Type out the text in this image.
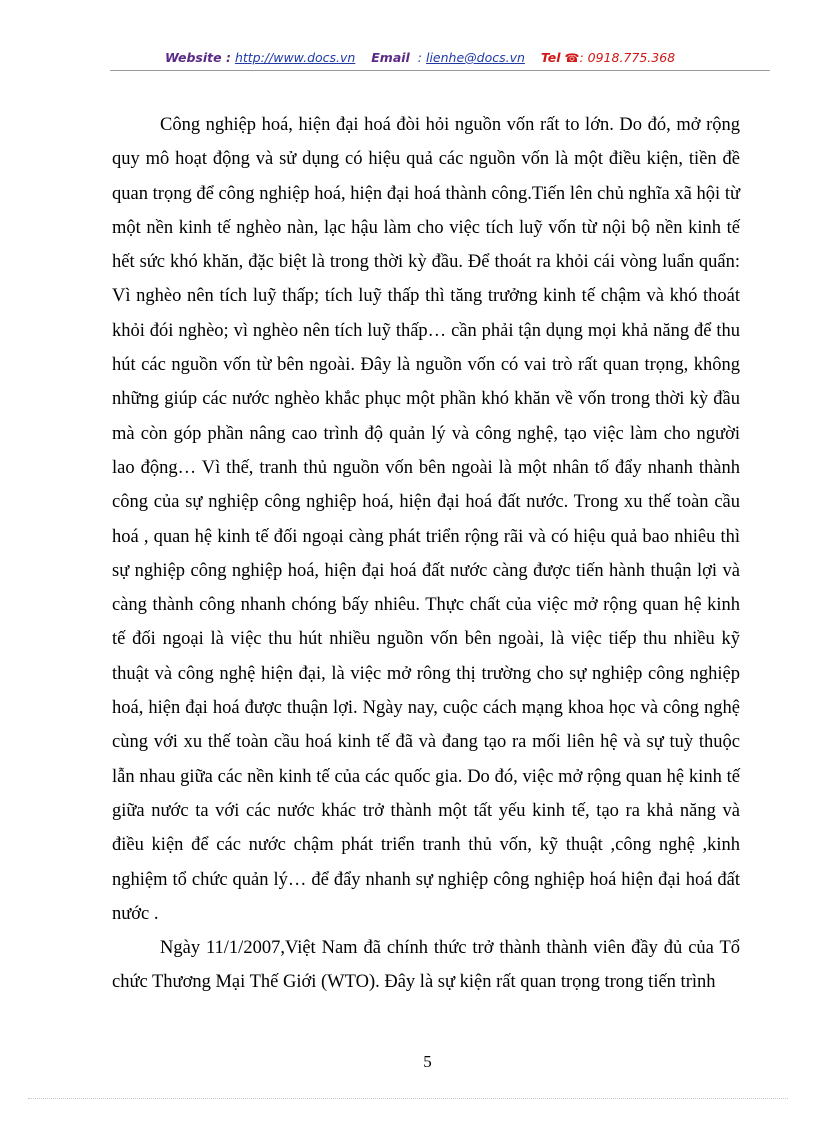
Website : http://www.docs.vn Email : lienhe@docs.vn Tel ☎: 0918.775.368

Công nghiệp hoá, hiện đại hoá đòi hỏi nguồn vốn rất to lớn. Do đó, mở rộng quy mô hoạt động và sử dụng có hiệu quả các nguồn vốn là một điều kiện, tiền đề quan trọng để công nghiệp hoá, hiện đại hoá thành công.Tiến lên chủ nghĩa xã hội từ một nền kinh tế nghèo nàn, lạc hậu làm cho việc tích luỹ vốn từ nội bộ nền kinh tế hết sức khó khăn, đặc biệt là trong thời kỳ đầu. Để thoát ra khỏi cái vòng luẩn quẩn: Vì nghèo nên tích luỹ thấp; tích luỹ thấp thì tăng trưởng kinh tế chậm và khó thoát khỏi đói nghèo; vì nghèo nên tích luỹ thấp… cần phải tận dụng mọi khả năng để thu hút các nguồn vốn từ bên ngoài. Đây là nguồn vốn có vai trò rất quan trọng, không những giúp các nước nghèo khắc phục một phần khó khăn về vốn trong thời kỳ đầu mà còn góp phần nâng cao trình độ quản lý và công nghệ, tạo việc làm cho người lao động… Vì thế, tranh thủ nguồn vốn bên ngoài là một nhân tố đẩy nhanh thành công của sự nghiệp công nghiệp hoá, hiện đại hoá đất nước. Trong xu thế toàn cầu hoá , quan hệ kinh tế đối ngoại càng phát triển rộng rãi và có hiệu quả bao nhiêu thì sự nghiệp công nghiệp hoá, hiện đại hoá đất nước càng được tiến hành thuận lợi và càng thành công nhanh chóng bấy nhiêu. Thực chất của việc mở rộng quan hệ kinh tế đối ngoại là việc thu hút nhiều nguồn vốn bên ngoài, là việc tiếp thu nhiều kỹ thuật và công nghệ hiện đại, là việc mở rông thị trường cho sự nghiệp công nghiệp hoá, hiện đại hoá được thuận lợi. Ngày nay, cuộc cách mạng khoa học và công nghệ cùng với xu thế toàn cầu hoá kinh tế đã và đang tạo ra mối liên hệ và sự tuỳ thuộc lẫn nhau giữa các nền kinh tế của các quốc gia. Do đó, việc mở rộng quan hệ kinh tế giữa nước ta với các nước khác trở thành một tất yếu kinh tế, tạo ra khả năng và điều kiện để các nước chậm phát triển tranh thủ vốn, kỹ thuật ,công nghệ ,kinh nghiệm tổ chức quản lý… để đẩy nhanh sự nghiệp công nghiệp hoá hiện đại hoá đất nước .

Ngày 11/1/2007,Việt Nam đã chính thức trở thành thành viên đầy đủ của Tổ chức Thương Mại Thế Giới (WTO). Đây là sự kiện rất quan trọng trong tiến trình

5
